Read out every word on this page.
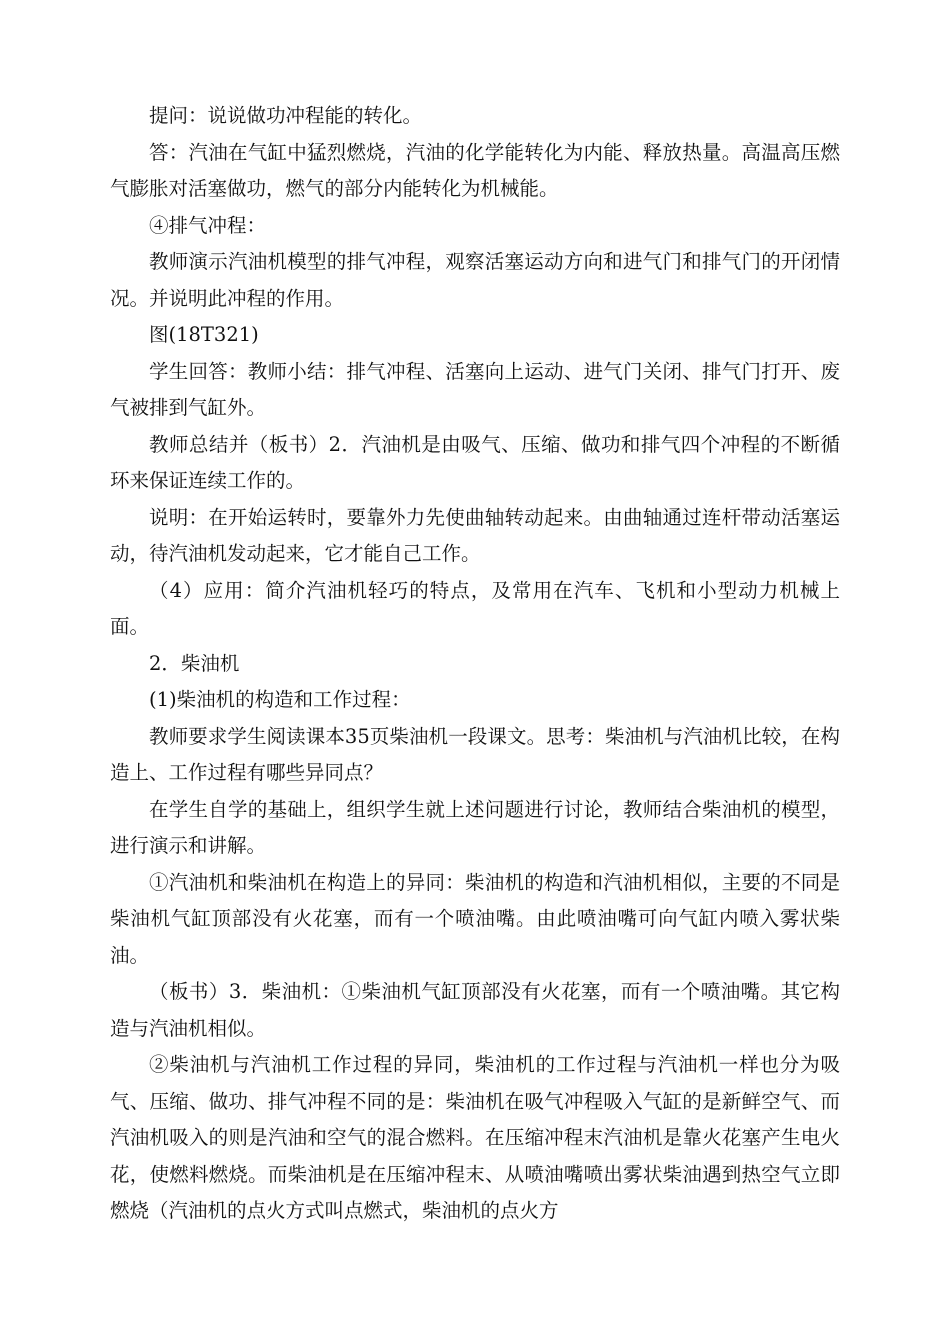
提问：说说做功冲程能的转化。

答：汽油在气缸中猛烈燃烧，汽油的化学能转化为内能、释放热量。高温高压燃气膨胀对活塞做功，燃气的部分内能转化为机械能。

④排气冲程：

教师演示汽油机模型的排气冲程，观察活塞运动方向和进气门和排气门的开闭情况。并说明此冲程的作用。

图(18T321)

学生回答：教师小结：排气冲程、活塞向上运动、进气门关闭、排气门打开、废气被排到气缸外。

教师总结并（板书）2．汽油机是由吸气、压缩、做功和排气四个冲程的不断循环来保证连续工作的。

说明：在开始运转时，要靠外力先使曲轴转动起来。由曲轴通过连杆带动活塞运动，待汽油机发动起来，它才能自己工作。

（4）应用：简介汽油机轻巧的特点，及常用在汽车、飞机和小型动力机械上面。

2．柴油机

(1)柴油机的构造和工作过程：

教师要求学生阅读课本35页柴油机一段课文。思考：柴油机与汽油机比较，在构造上、工作过程有哪些异同点？

在学生自学的基础上，组织学生就上述问题进行讨论，教师结合柴油机的模型，进行演示和讲解。

①汽油机和柴油机在构造上的异同：柴油机的构造和汽油机相似，主要的不同是柴油机气缸顶部没有火花塞，而有一个喷油嘴。由此喷油嘴可向气缸内喷入雾状柴油。

（板书）3．柴油机：①柴油机气缸顶部没有火花塞，而有一个喷油嘴。其它构造与汽油机相似。

②柴油机与汽油机工作过程的异同，柴油机的工作过程与汽油机一样也分为吸气、压缩、做功、排气冲程不同的是：柴油机在吸气冲程吸入气缸的是新鲜空气、而汽油机吸入的则是汽油和空气的混合燃料。在压缩冲程末汽油机是靠火花塞产生电火花，使燃料燃烧。而柴油机是在压缩冲程末、从喷油嘴喷出雾状柴油遇到热空气立即燃烧（汽油机的点火方式叫点燃式，柴油机的点火方
